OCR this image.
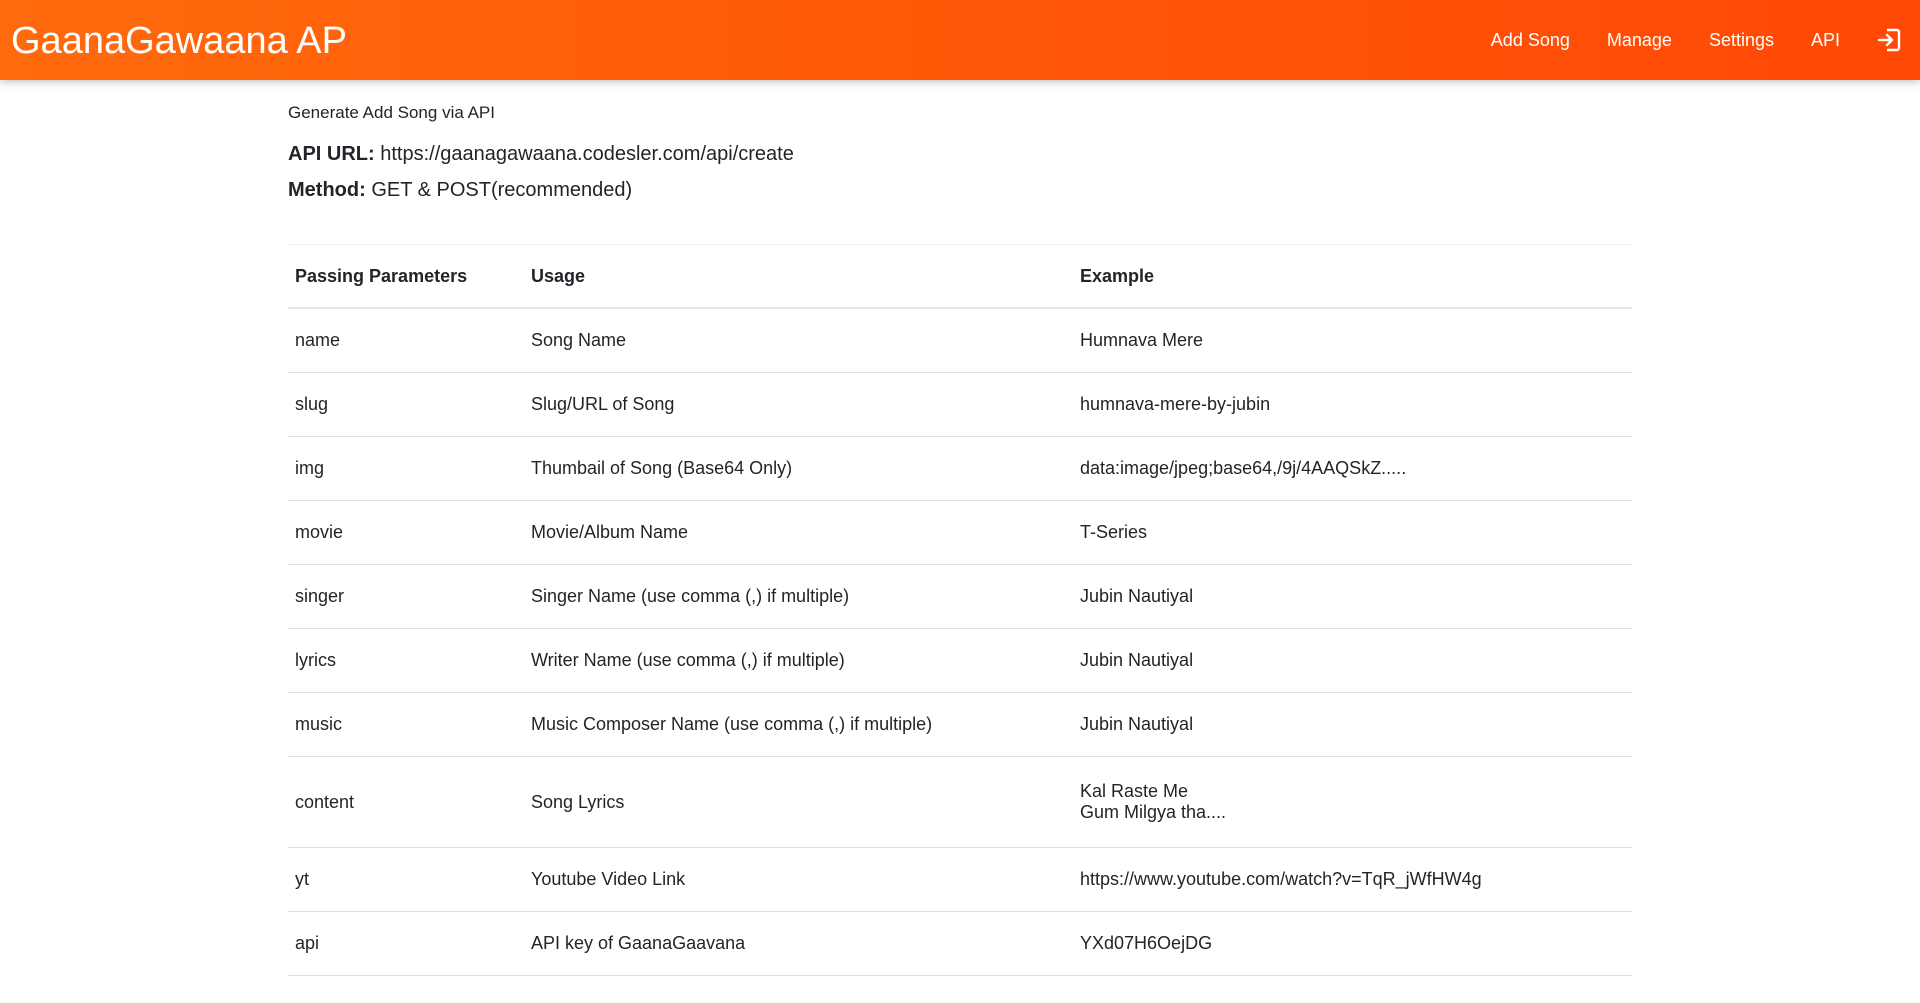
GaanaGawaana AP	Add Song Manage Settings API

Generate Add Song via API

API URL: https://gaanagawaana.codesler.com/api/create

Method: GET & POST(recommended)

Passing Parameters	Usage	Example
name	Song Name	Humnava Mere
slug	Slug/URL of Song	humnava-mere-by-jubin
img	Thumbail of Song (Base64 Only)	data:image/jpeg;base64,/9j/4AAQSkZ.....
movie	Movie/Album Name	T-Series
singer	Singer Name (use comma (,) if multiple)	Jubin Nautiyal
lyrics	Writer Name (use comma (,) if multiple)	Jubin Nautiyal
music	Music Composer Name (use comma (,) if multiple)	Jubin Nautiyal
content	Song Lyrics	Kal Raste Me
Gum Milgya tha....
yt	Youtube Video Link	https://www.youtube.com/watch?v=TqR_jWfHW4g
api	API key of GaanaGaavana	YXd07H6OejDG
